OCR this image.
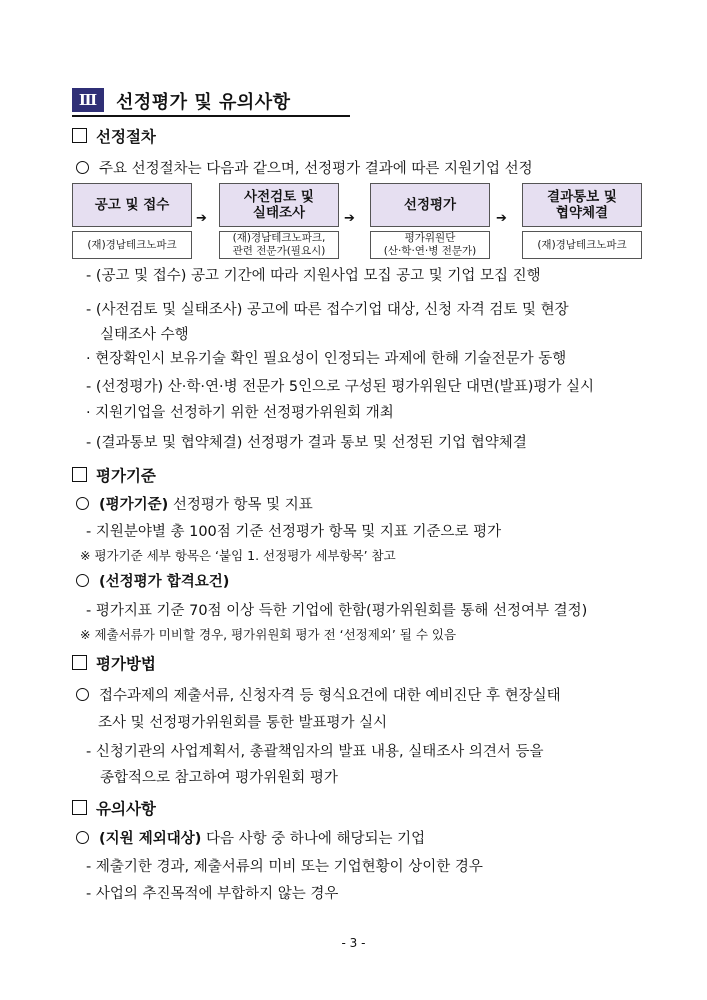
Ⅲ	선정평가 및 유의사항
선정절차
주요 선정절차는 다음과 같으며, 선정평가 결과에 따른 지원기업 선정
공고 및 접수
(재)경남테크노파크
➔
사전검토 및
실태조사
(재)경남테크노파크,
관련 전문가(필요시)
➔
선정평가
평가위원단
(산·학·연·병 전문가)
➔
결과통보 및
협약체결
(재)경남테크노파크
- (공고 및 접수) 공고 기간에 따라 지원사업 모집 공고 및 기업 모집 진행
- (사전검토 및 실태조사) 공고에 따른 접수기업 대상, 신청 자격 검토 및 현장
실태조사 수행
· 현장확인시 보유기술 확인 필요성이 인정되는 과제에 한해 기술전문가 동행
- (선정평가) 산·학·연·병 전문가 5인으로 구성된 평가위원단 대면(발표)평가 실시
· 지원기업을 선정하기 위한 선정평가위원회 개최
- (결과통보 및 협약체결) 선정평가 결과 통보 및 선정된 기업 협약체결
평가기준
(평가기준) 선정평가 항목 및 지표
- 지원분야별 총 100점 기준 선정평가 항목 및 지표 기준으로 평가
※ 평가기준 세부 항목은 ‘붙임 1. 선정평가 세부항목’ 참고
(선정평가 합격요건)
- 평가지표 기준 70점 이상 득한 기업에 한함(평가위원회를 통해 선정여부 결정)
※ 제출서류가 미비할 경우, 평가위원회 평가 전 ‘선정제외’ 될 수 있음
평가방법
접수과제의 제출서류, 신청자격 등 형식요건에 대한 예비진단 후 현장실태
조사 및 선정평가위원회를 통한 발표평가 실시
- 신청기관의 사업계획서, 총괄책임자의 발표 내용, 실태조사 의견서 등을
종합적으로 참고하여 평가위원회 평가
유의사항
(지원 제외대상) 다음 사항 중 하나에 해당되는 기업
- 제출기한 경과, 제출서류의 미비 또는 기업현황이 상이한 경우
- 사업의 추진목적에 부합하지 않는 경우
- 3 -
